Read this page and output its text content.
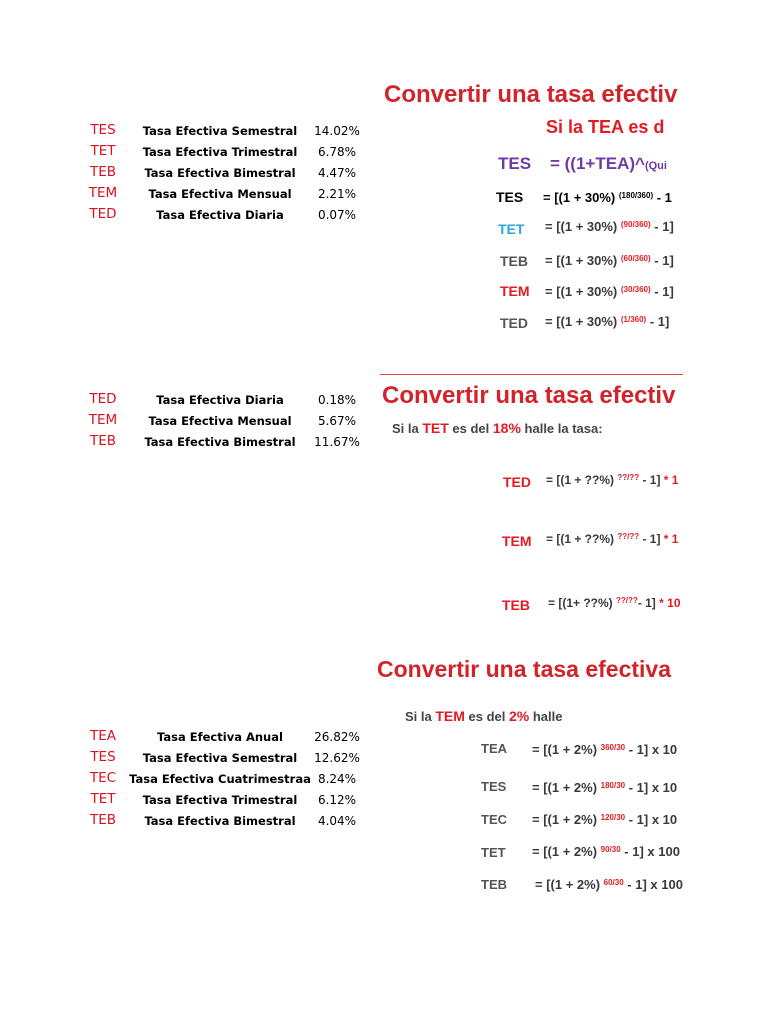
TES	Tasa Efectiva Semestral	14.02%
TET	Tasa Efectiva Trimestral	6.78%
TEB	Tasa Efectiva Bimestral	4.47%
TEM	Tasa Efectiva Mensual	2.21%
TED	Tasa Efectiva Diaria	0.07%
Convertir una tasa efectiv
Si la TEA es d
TES = ((1+TEA)^(Qui
TES = [(1 + 30%) $^{(180/360)}$ - 1
TET = [(1 + 30%) $^{(90/360)}$ - 1]
TEB = [(1 + 30%) $^{(60/360)}$ - 1]
TEM = [(1 + 30%) $^{(30/360)}$ - 1]
TED = [(1 + 30%) $^{(1/360)}$ - 1]
TED	Tasa Efectiva Diaria	0.18%
TEM	Tasa Efectiva Mensual	5.67%
TEB	Tasa Efectiva Bimestral	11.67%
Convertir una tasa efectiv
Si la TET es del 18% halle la tasa:
TED = [(1 + ??%) ??/?? - 1] * 1
TEM = [(1 + ??%) ??/?? - 1] * 1
TEB = [(1+ ??%) ??/??- 1] * 10
Convertir una tasa efectiva
Si la TEM es del 2% halle
TEA = [(1 + 2%) $^{360/30}$ - 1] x 10
TES = [(1 + 2%) $^{180/30}$ - 1] x 10
TEC = [(1 + 2%) $^{120/30}$ - 1] x 10
TET = [(1 + 2%) $^{90/30}$ - 1] x 100
TEB = [(1 + 2%) $^{60/30}$ - 1] x 100
TEA	Tasa Efectiva Anual	26.82%
TES	Tasa Efectiva Semestral	12.62%
TEC	Tasa Efectiva Cuatrimestraa 8.24%
TET	Tasa Efectiva Trimestral	6.12%
TEB	Tasa Efectiva Bimestral	4.04%
